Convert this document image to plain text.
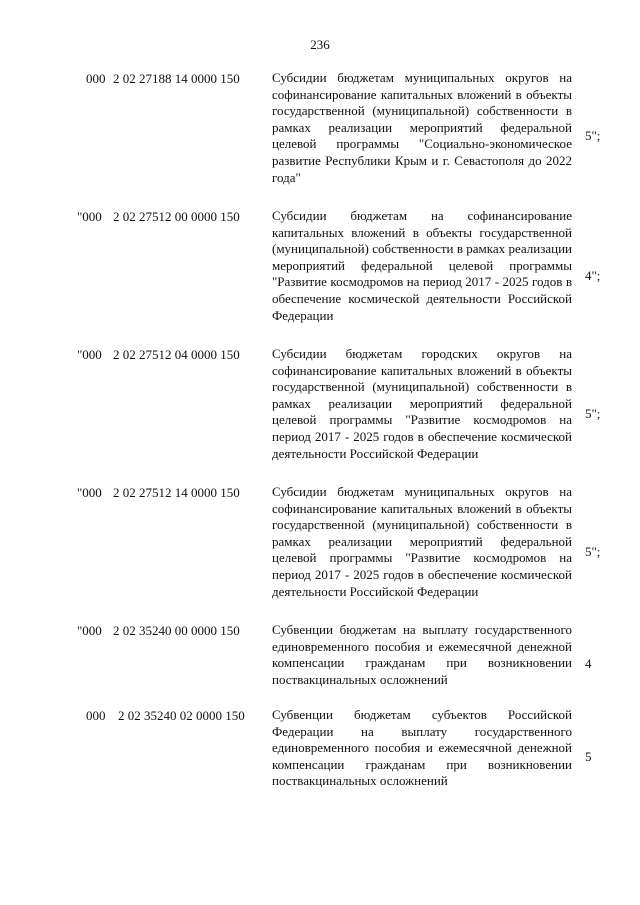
236
000 2 02 27188 14 0000 150 Субсидии бюджетам муниципальных округов на софинансирование капитальных вложений в объекты государственной (муниципальной) собственности в рамках реализации мероприятий федеральной целевой программы "Социально-экономическое развитие Республики Крым и г. Севастополя до 2022 года"
5";
"000 2 02 27512 00 0000 150 Субсидии бюджетам на софинансирование капитальных вложений в объекты государственной (муниципальной) собственности в рамках реализации мероприятий федеральной целевой программы "Развитие космодромов на период 2017 - 2025 годов в обеспечение космической деятельности Российской Федерации
4";
"000 2 02 27512 04 0000 150 Субсидии бюджетам городских округов на софинансирование капитальных вложений в объекты государственной (муниципальной) собственности в рамках реализации мероприятий федеральной целевой программы "Развитие космодромов на период 2017 - 2025 годов в обеспечение космической деятельности Российской Федерации
5";
"000 2 02 27512 14 0000 150 Субсидии бюджетам муниципальных округов на софинансирование капитальных вложений в объекты государственной (муниципальной) собственности в рамках реализации мероприятий федеральной целевой программы "Развитие космодромов на период 2017 - 2025 годов в обеспечение космической деятельности Российской Федерации
5";
"000 2 02 35240 00 0000 150 Субвенции бюджетам на выплату государственного единовременного пособия и ежемесячной денежной компенсации гражданам при возникновении поствакцинальных осложнений
4
000 2 02 35240 02 0000 150 Субвенции бюджетам субъектов Российской Федерации на выплату государственного единовременного пособия и ежемесячной денежной компенсации гражданам при возникновении поствакцинальных осложнений
5
